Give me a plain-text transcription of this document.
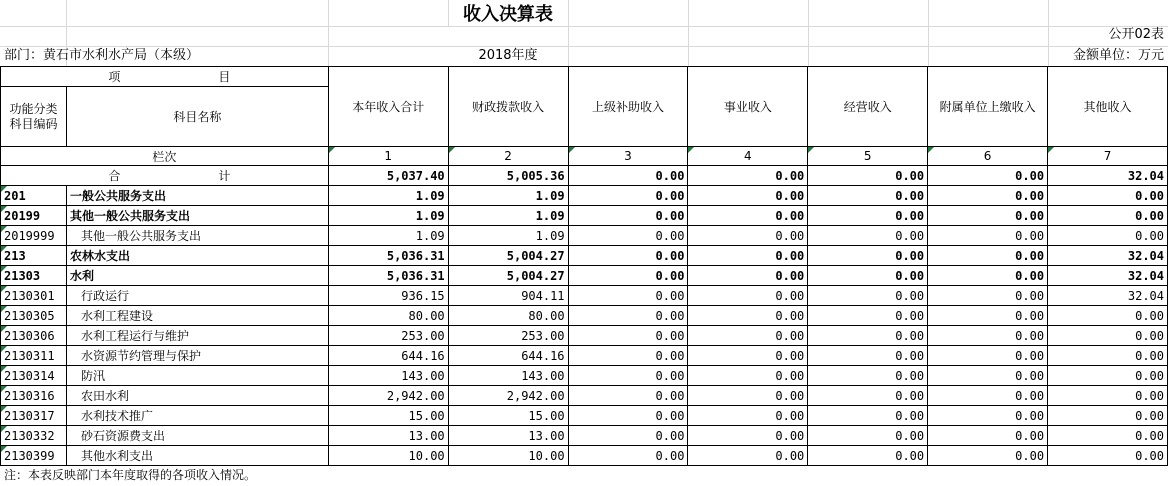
收入决算表
公开02表
部门：黄石市水利水产局（本级）	2018年度	金额单位：万元
项 目		本年收入合计	财政拨款收入	上级补助收入	事业收入	经营收入	附属单位上缴收入	其他收入
功能分类科目编码	科目名称							
栏次		1	2	3	4	5	6	7
合 计		5,037.40	5,005.36	0.00	0.00	0.00	0.00	32.04

201	一般公共服务支出	1.09	1.09	0.00	0.00	0.00	0.00	0.00

20199	其他一般公共服务支出	1.09	1.09	0.00	0.00	0.00	0.00	0.00

2019999	其他一般公共服务支出	1.09	1.09	0.00	0.00	0.00	0.00	0.00

213	农林水支出	5,036.31	5,004.27	0.00	0.00	0.00	0.00	32.04

21303	水利	5,036.31	5,004.27	0.00	0.00	0.00	0.00	32.04

2130301	行政运行	936.15	904.11	0.00	0.00	0.00	0.00	32.04

2130305	水利工程建设	80.00	80.00	0.00	0.00	0.00	0.00	0.00

2130306	水利工程运行与维护	253.00	253.00	0.00	0.00	0.00	0.00	0.00

2130311	水资源节约管理与保护	644.16	644.16	0.00	0.00	0.00	0.00	0.00

2130314	防汛	143.00	143.00	0.00	0.00	0.00	0.00	0.00

2130316	农田水利	2,942.00	2,942.00	0.00	0.00	0.00	0.00	0.00

2130317	水利技术推广	15.00	15.00	0.00	0.00	0.00	0.00	0.00

2130332	砂石资源费支出	13.00	13.00	0.00	0.00	0.00	0.00	0.00

2130399	其他水利支出	10.00	10.00	0.00	0.00	0.00	0.00	0.00
注：本表反映部门本年度取得的各项收入情况。
